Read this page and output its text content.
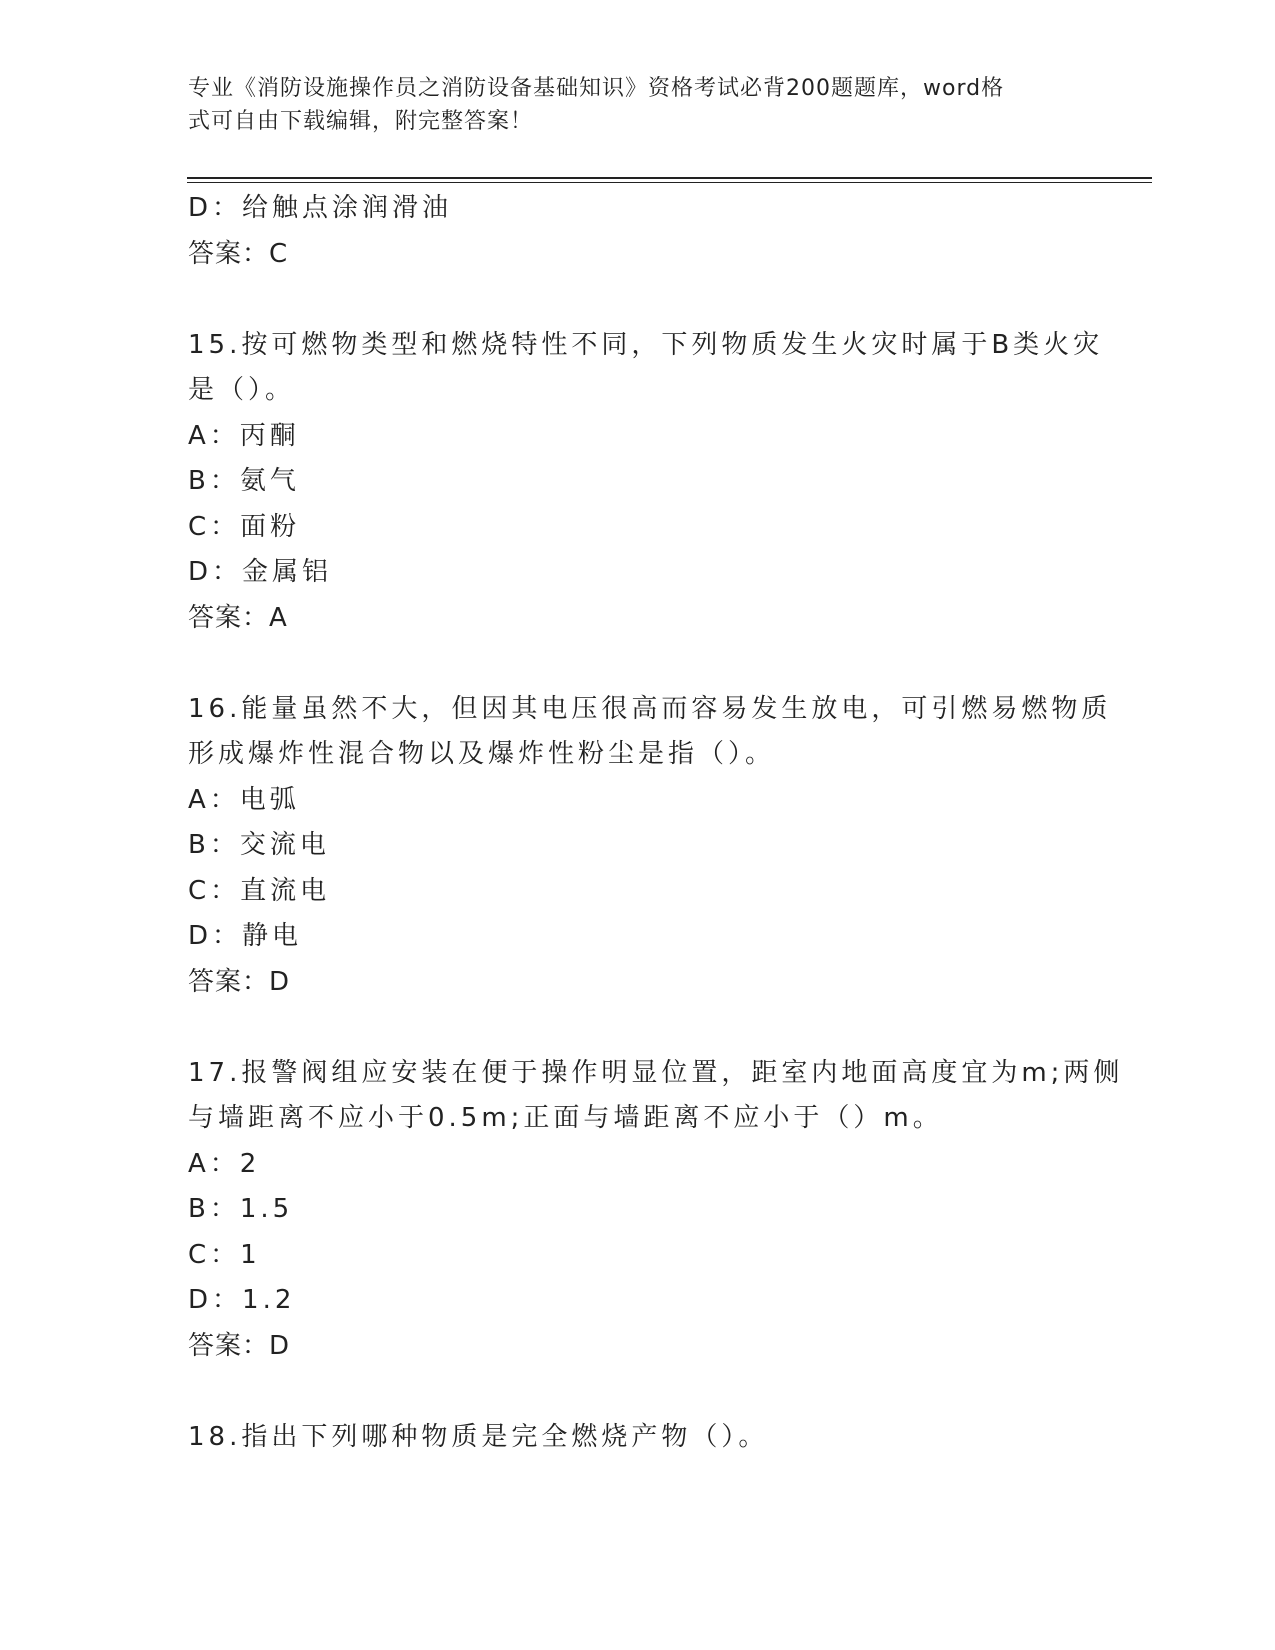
专业《消防设施操作员之消防设备基础知识》资格考试必背200题题库，word格
式可自由下载编辑，附完整答案！
D：给触点涂润滑油
答案：C
15.按可燃物类型和燃烧特性不同，下列物质发生火灾时属于B类火灾
是（）。
A：丙酮
B：氨气
C：面粉
D：金属铝
答案：A
16.能量虽然不大，但因其电压很高而容易发生放电，可引燃易燃物质
形成爆炸性混合物以及爆炸性粉尘是指（）。
A：电弧
B：交流电
C：直流电
D：静电
答案：D
17.报警阀组应安装在便于操作明显位置，距室内地面高度宜为m;两侧
与墙距离不应小于0.5m;正面与墙距离不应小于（）m。
A：2
B：1.5
C：1
D：1.2
答案：D
18.指出下列哪种物质是完全燃烧产物（）。
